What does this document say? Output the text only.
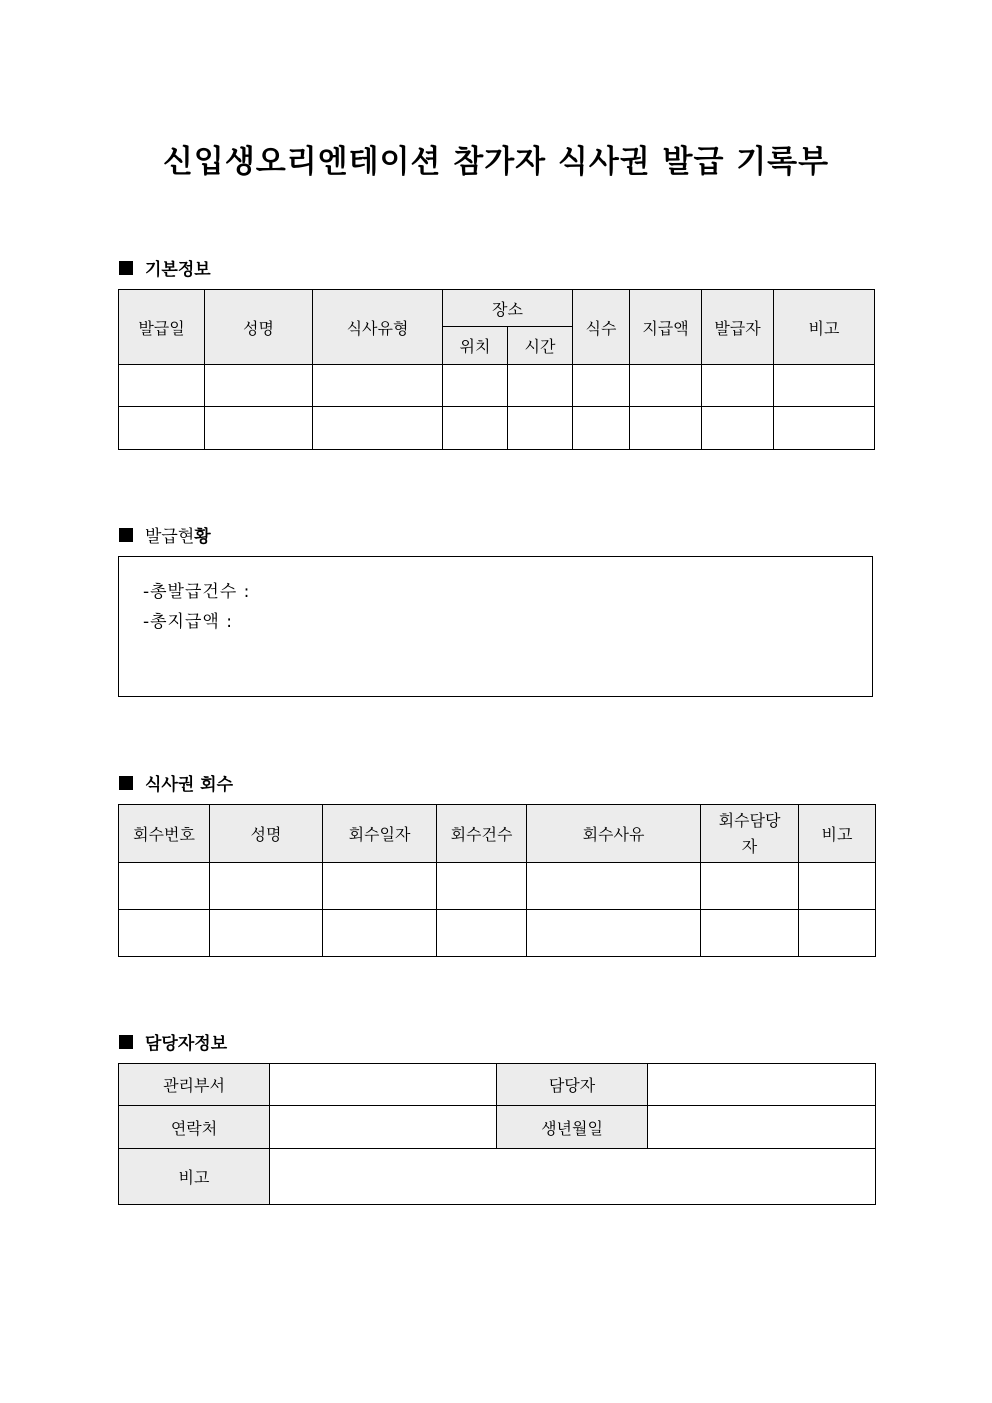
신입생오리엔테이션 참가자 식사권 발급 기록부
기본정보
발급일	성명	식사유형	장소		식수	지급액	발급자	비고
			위치	시간				

발급현 황
-총발급건수 :
-총지급액 :
식사권 회수
회수번호	성명	회수일자	회수건수	회수사유	회수담당자	비고

담당자정보
관리부서		담당자	
연락처		생년월일	
비고			
